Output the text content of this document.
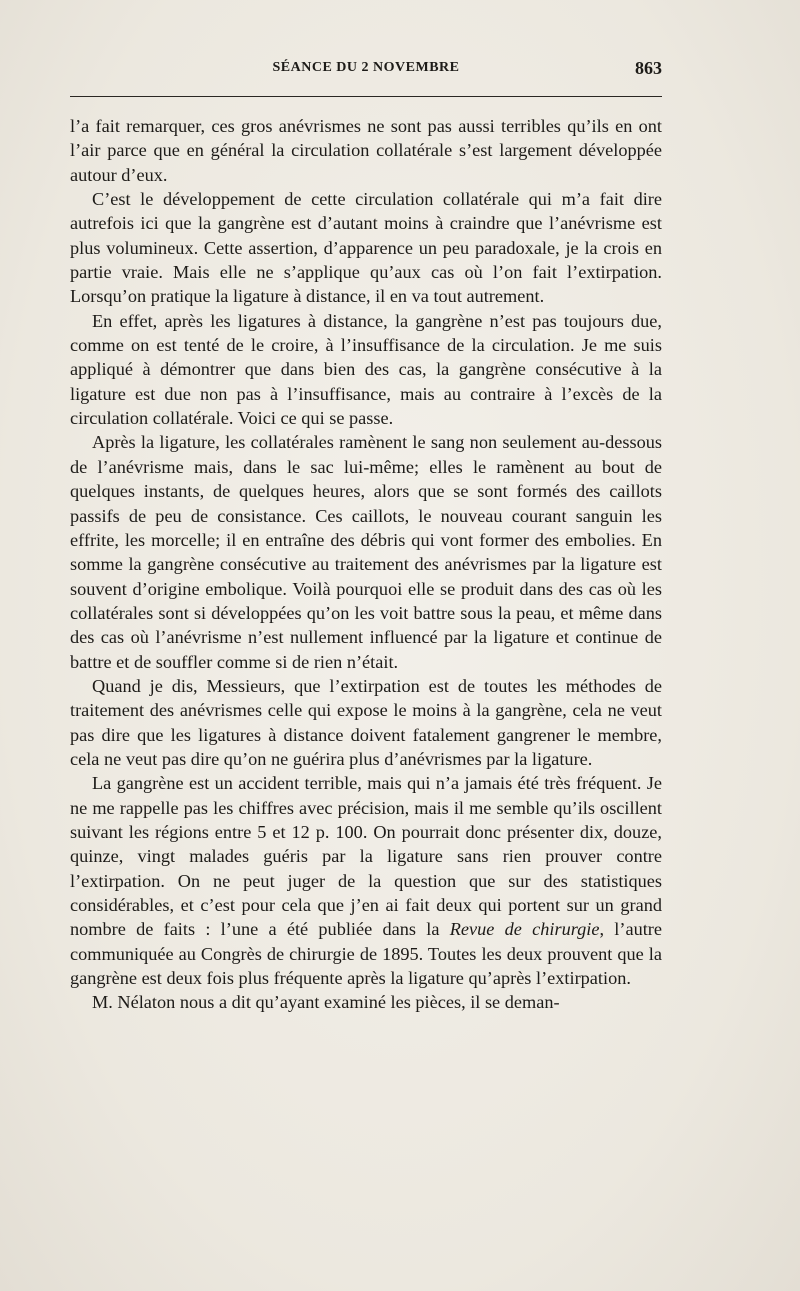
SÉANCE DU 2 NOVEMBRE	863

l’a fait remarquer, ces gros anévrismes ne sont pas aussi terribles qu’ils en ont l’air parce que en général la circulation collatérale s’est largement développée autour d’eux.

C’est le développement de cette circulation collatérale qui m’a fait dire autrefois ici que la gangrène est d’autant moins à craindre que l’anévrisme est plus volumineux. Cette assertion, d’apparence un peu paradoxale, je la crois en partie vraie. Mais elle ne s’applique qu’aux cas où l’on fait l’extirpation. Lorsqu’on pratique la ligature à distance, il en va tout autrement.

En effet, après les ligatures à distance, la gangrène n’est pas toujours due, comme on est tenté de le croire, à l’insuffisance de la circulation. Je me suis appliqué à démontrer que dans bien des cas, la gangrène consécutive à la ligature est due non pas à l’insuffisance, mais au contraire à l’excès de la circulation collatérale. Voici ce qui se passe.

Après la ligature, les collatérales ramènent le sang non seulement au-dessous de l’anévrisme mais, dans le sac lui-même; elles le ramènent au bout de quelques instants, de quelques heures, alors que se sont formés des caillots passifs de peu de consistance. Ces caillots, le nouveau courant sanguin les effrite, les morcelle; il en entraîne des débris qui vont former des embolies. En somme la gangrène consécutive au traitement des anévrismes par la ligature est souvent d’origine embolique. Voilà pourquoi elle se produit dans des cas où les collatérales sont si développées qu’on les voit battre sous la peau, et même dans des cas où l’anévrisme n’est nullement influencé par la ligature et continue de battre et de souffler comme si de rien n’était.

Quand je dis, Messieurs, que l’extirpation est de toutes les méthodes de traitement des anévrismes celle qui expose le moins à la gangrène, cela ne veut pas dire que les ligatures à distance doivent fatalement gangrener le membre, cela ne veut pas dire qu’on ne guérira plus d’anévrismes par la ligature.

La gangrène est un accident terrible, mais qui n’a jamais été très fréquent. Je ne me rappelle pas les chiffres avec précision, mais il me semble qu’ils oscillent suivant les régions entre 5 et 12 p. 100. On pourrait donc présenter dix, douze, quinze, vingt malades guéris par la ligature sans rien prouver contre l’extirpation. On ne peut juger de la question que sur des statistiques considérables, et c’est pour cela que j’en ai fait deux qui portent sur un grand nombre de faits : l’une a été publiée dans la Revue de chirurgie, l’autre communiquée au Congrès de chirurgie de 1895. Toutes les deux prouvent que la gangrène est deux fois plus fréquente après la ligature qu’après l’extirpation.

M. Nélaton nous a dit qu’ayant examiné les pièces, il se deman-
